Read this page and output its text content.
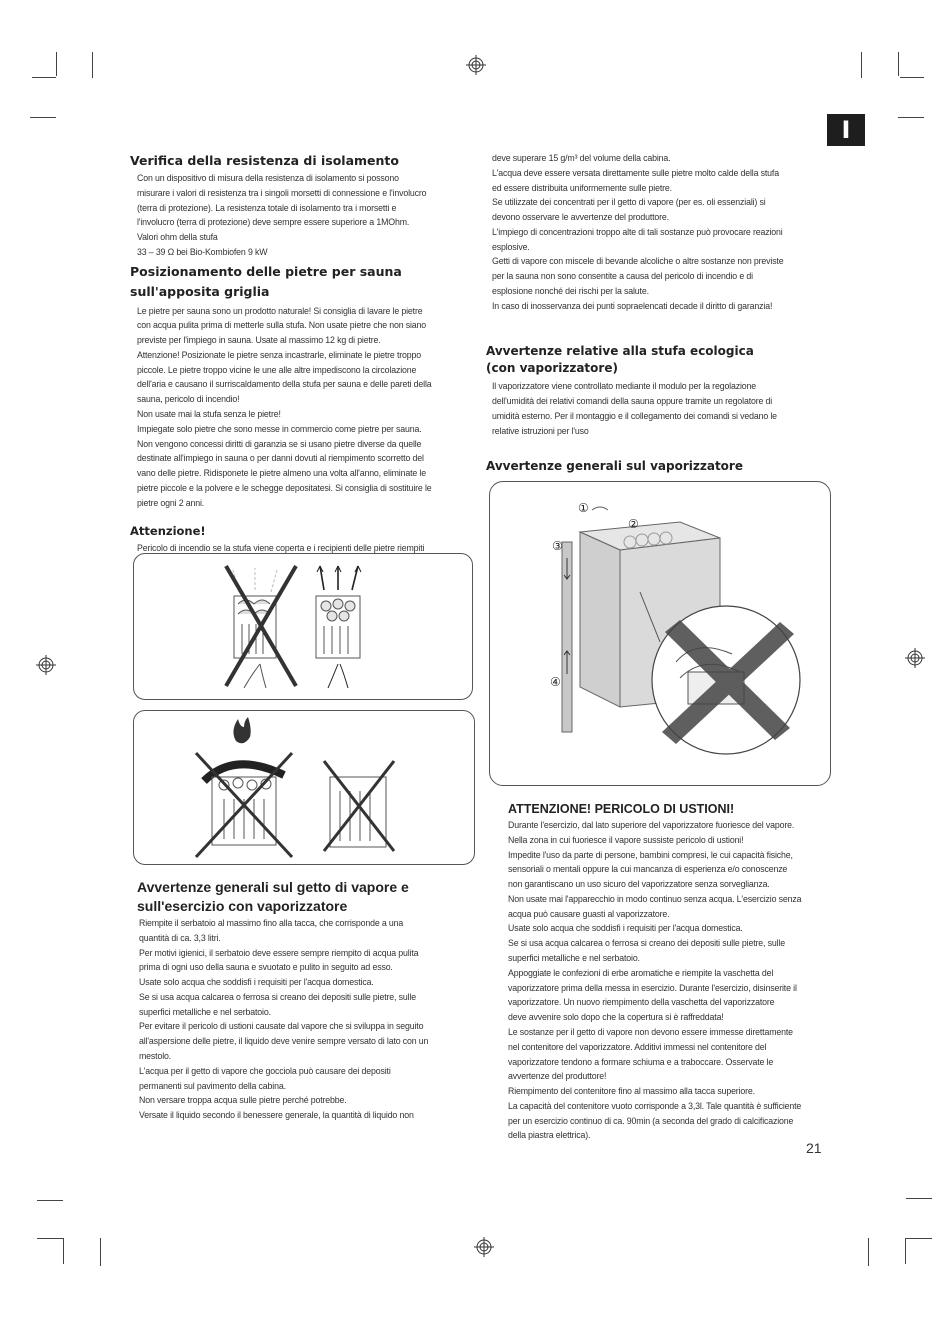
I
Verifica della resistenza di isolamento

Con un dispositivo di misura della resistenza di isolamento si possono

misurare i valori di resistenza tra i singoli morsetti di connessione e l'involucro

(terra di protezione). La resistenza totale di isolamento tra i morsetti e

l'involucro (terra di protezione) deve sempre essere superiore a 1MOhm.

Valori ohm della stufa

33 – 39 Ω bei Bio-Kombiofen 9 kW

Posizionamento delle pietre per sauna sull'apposita griglia

Le pietre per sauna sono un prodotto naturale! Si consiglia di lavare le pietre

con acqua pulita prima di metterle sulla stufa. Non usate pietre che non siano

previste per l'impiego in sauna. Usate al massimo 12 kg di pietre.

Attenzione! Posizionate le pietre senza incastrarle, eliminate le pietre troppo

piccole. Le pietre troppo vicine le une alle altre impediscono la circolazione

dell'aria e causano il surriscaldamento della stufa per sauna e delle pareti della

sauna, pericolo di incendio!

Non usate mai la stufa senza le pietre!

Impiegate solo pietre che sono messe in commercio come pietre per sauna.

Non vengono concessi diritti di garanzia se si usano pietre diverse da quelle

destinate all'impiego in sauna o per danni dovuti al riempimento scorretto del

vano delle pietre. Ridisponete le pietre almeno una volta all'anno, eliminate le

pietre piccole e la polvere e le schegge depositatesi. Si consiglia di sostituire le

pietre ogni 2 anni.

Attenzione!

Pericolo di incendio se la stufa viene coperta e i recipienti delle pietre riempiti

Avvertenze generali sul getto di vapore e sull'esercizio con vaporizzatore

Riempite il serbatoio al massimo fino alla tacca, che corrisponde a una

quantità di ca. 3,3 litri.

Per motivi igienici, il serbatoio deve essere sempre riempito di acqua pulita

prima di ogni uso della sauna e svuotato e pulito in seguito ad esso.

Usate solo acqua che soddisfi i requisiti per l'acqua domestica.

Se si usa acqua calcarea o ferrosa si creano dei depositi sulle pietre, sulle

superfici metalliche e nel serbatoio.

Per evitare il pericolo di ustioni causate dal vapore che si sviluppa in seguito

all'aspersione delle pietre, il liquido deve venire sempre versato di lato con un

mestolo.

L'acqua per il getto di vapore che gocciola può causare dei depositi

permanenti sul pavimento della cabina.

Non versare troppa acqua sulle pietre perché potrebbe.

Versate il liquido secondo il benessere generale, la quantità di liquido non

deve superare 15 g/m³ del volume della cabina.

L'acqua deve essere versata direttamente sulle pietre molto calde della stufa

ed essere distribuita uniformemente sulle pietre.

Se utilizzate dei concentrati per il getto di vapore (per es. oli essenziali) si

devono osservare le avvertenze del produttore.

L'impiego di concentrazioni troppo alte di tali sostanze può provocare reazioni

esplosive.

Getti di vapore con miscele di bevande alcoliche o altre sostanze non previste

per la sauna non sono consentite a causa del pericolo di incendio e di

esplosione nonché dei rischi per la salute.

In caso di inosservanza dei punti sopraelencati decade il diritto di garanzia!

Avvertenze relative alla stufa ecologica (con vaporizzatore)

Il vaporizzatore viene controllato mediante il modulo per la regolazione

dell'umidità dei relativi comandi della sauna oppure tramite un regolatore di

umidità esterno. Per il montaggio e il collegamento dei comandi si vedano le

relative istruzioni per l'uso

Avvertenze generali sul vaporizzatore
①
②
③
④
ATTENZIONE! PERICOLO DI USTIONI!

Durante l'esercizio, dal lato superiore del vaporizzatore fuoriesce del vapore.

Nella zona in cui fuoriesce il vapore sussiste pericolo di ustioni!

Impedite l'uso da parte di persone, bambini compresi, le cui capacità fisiche,

sensoriali o mentali oppure la cui mancanza di esperienza e/o conoscenze

non garantiscano un uso sicuro del vaporizzatore senza sorveglianza.

Non usate mai l'apparecchio in modo continuo senza acqua. L'esercizio senza

acqua può causare guasti al vaporizzatore.

Usate solo acqua che soddisfi i requisiti per l'acqua domestica.

Se si usa acqua calcarea o ferrosa si creano dei depositi sulle pietre, sulle

superfici metalliche e nel serbatoio.

Appoggiate le confezioni di erbe aromatiche e riempite la vaschetta del

vaporizzatore prima della messa in esercizio. Durante l'esercizio, disinserite il

vaporizzatore. Un nuovo riempimento della vaschetta del vaporizzatore

deve avvenire solo dopo che la copertura si è raffreddata!

Le sostanze per il getto di vapore non devono essere immesse direttamente

nel contenitore del vaporizzatore. Additivi immessi nel contenitore del

vaporizzatore tendono a formare schiuma e a traboccare. Osservate le

avvertenze del produttore!

Riempimento del contenitore fino al massimo alla tacca superiore.

La capacità del contenitore vuoto corrisponde a 3,3l. Tale quantità è sufficiente

per un esercizio continuo di ca. 90min (a seconda del grado di calcificazione

della piastra elettrica).

21
